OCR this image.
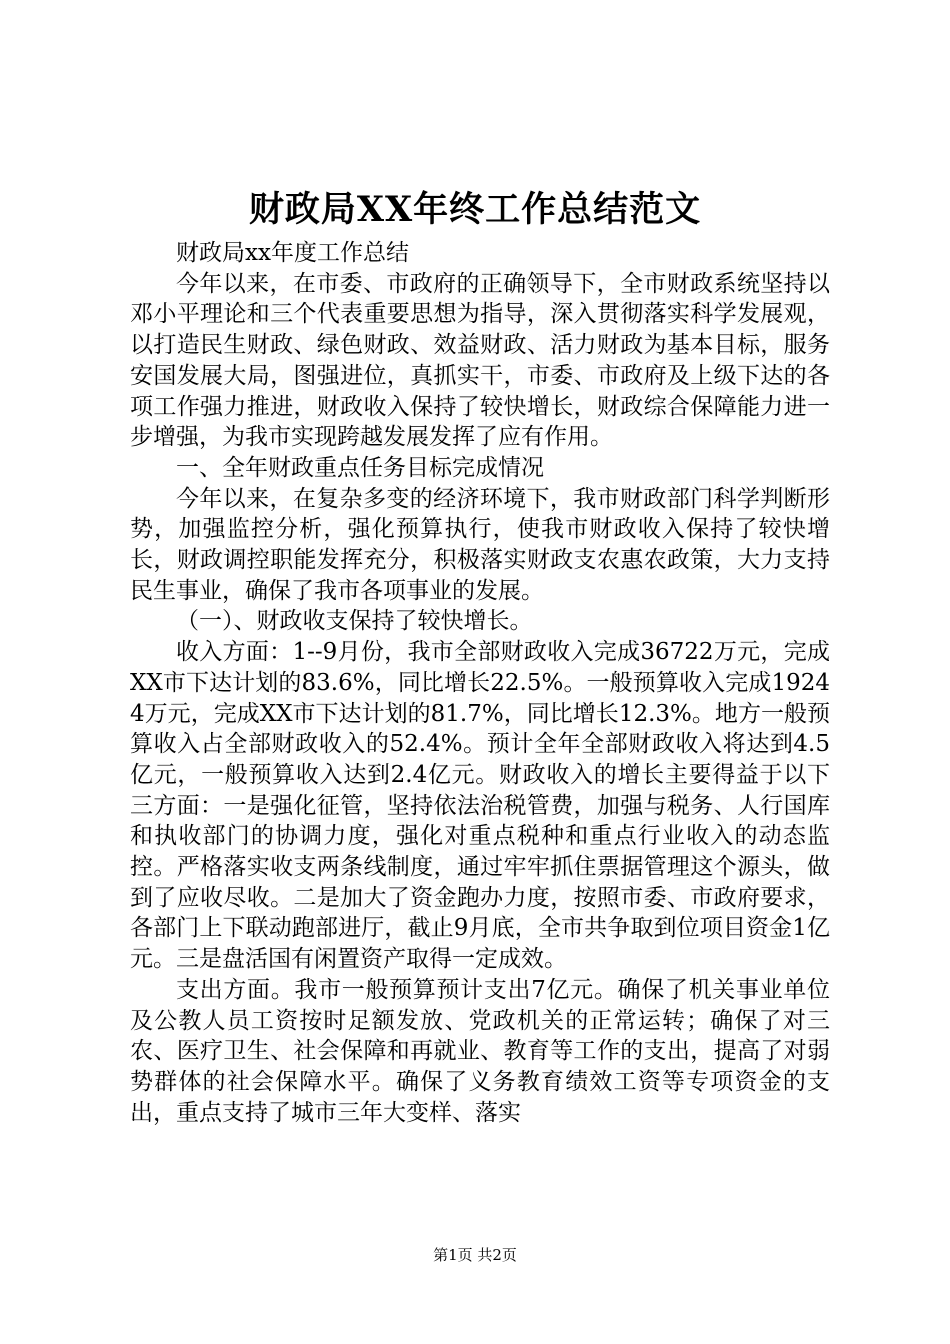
财政局XX年终工作总结范文

财政局xx年度工作总结

今年以来，在市委、市政府的正确领导下，全市财政系统坚持以邓小平理论和三个代表重要思想为指导，深入贯彻落实科学发展观，以打造民生财政、绿色财政、效益财政、活力财政为基本目标，服务安国发展大局，图强进位，真抓实干，市委、市政府及上级下达的各项工作强力推进，财政收入保持了较快增长，财政综合保障能力进一步增强，为我市实现跨越发展发挥了应有作用。

一、全年财政重点任务目标完成情况

今年以来，在复杂多变的经济环境下，我市财政部门科学判断形势，加强监控分析，强化预算执行，使我市财政收入保持了较快增长，财政调控职能发挥充分，积极落实财政支农惠农政策，大力支持民生事业，确保了我市各项事业的发展。

（一）、财政收支保持了较快增长。

收入方面：1--9月份，我市全部财政收入完成36722万元，完成XX市下达计划的83.6%，同比增长22.5%。一般预算收入完成19244万元，完成XX市下达计划的81.7%，同比增长12.3%。地方一般预算收入占全部财政收入的52.4%。预计全年全部财政收入将达到4.5亿元，一般预算收入达到2.4亿元。财政收入的增长主要得益于以下三方面：一是强化征管，坚持依法治税管费，加强与税务、人行国库和执收部门的协调力度，强化对重点税种和重点行业收入的动态监控。严格落实收支两条线制度，通过牢牢抓住票据管理这个源头，做到了应收尽收。二是加大了资金跑办力度，按照市委、市政府要求，各部门上下联动跑部进厅，截止9月底，全市共争取到位项目资金1亿元。三是盘活国有闲置资产取得一定成效。

支出方面。我市一般预算预计支出7亿元。确保了机关事业单位及公教人员工资按时足额发放、党政机关的正常运转；确保了对三农、医疗卫生、社会保障和再就业、教育等工作的支出，提高了对弱势群体的社会保障水平。确保了义务教育绩效工资等专项资金的支出，重点支持了城市三年大变样、落实

第1页 共2页
